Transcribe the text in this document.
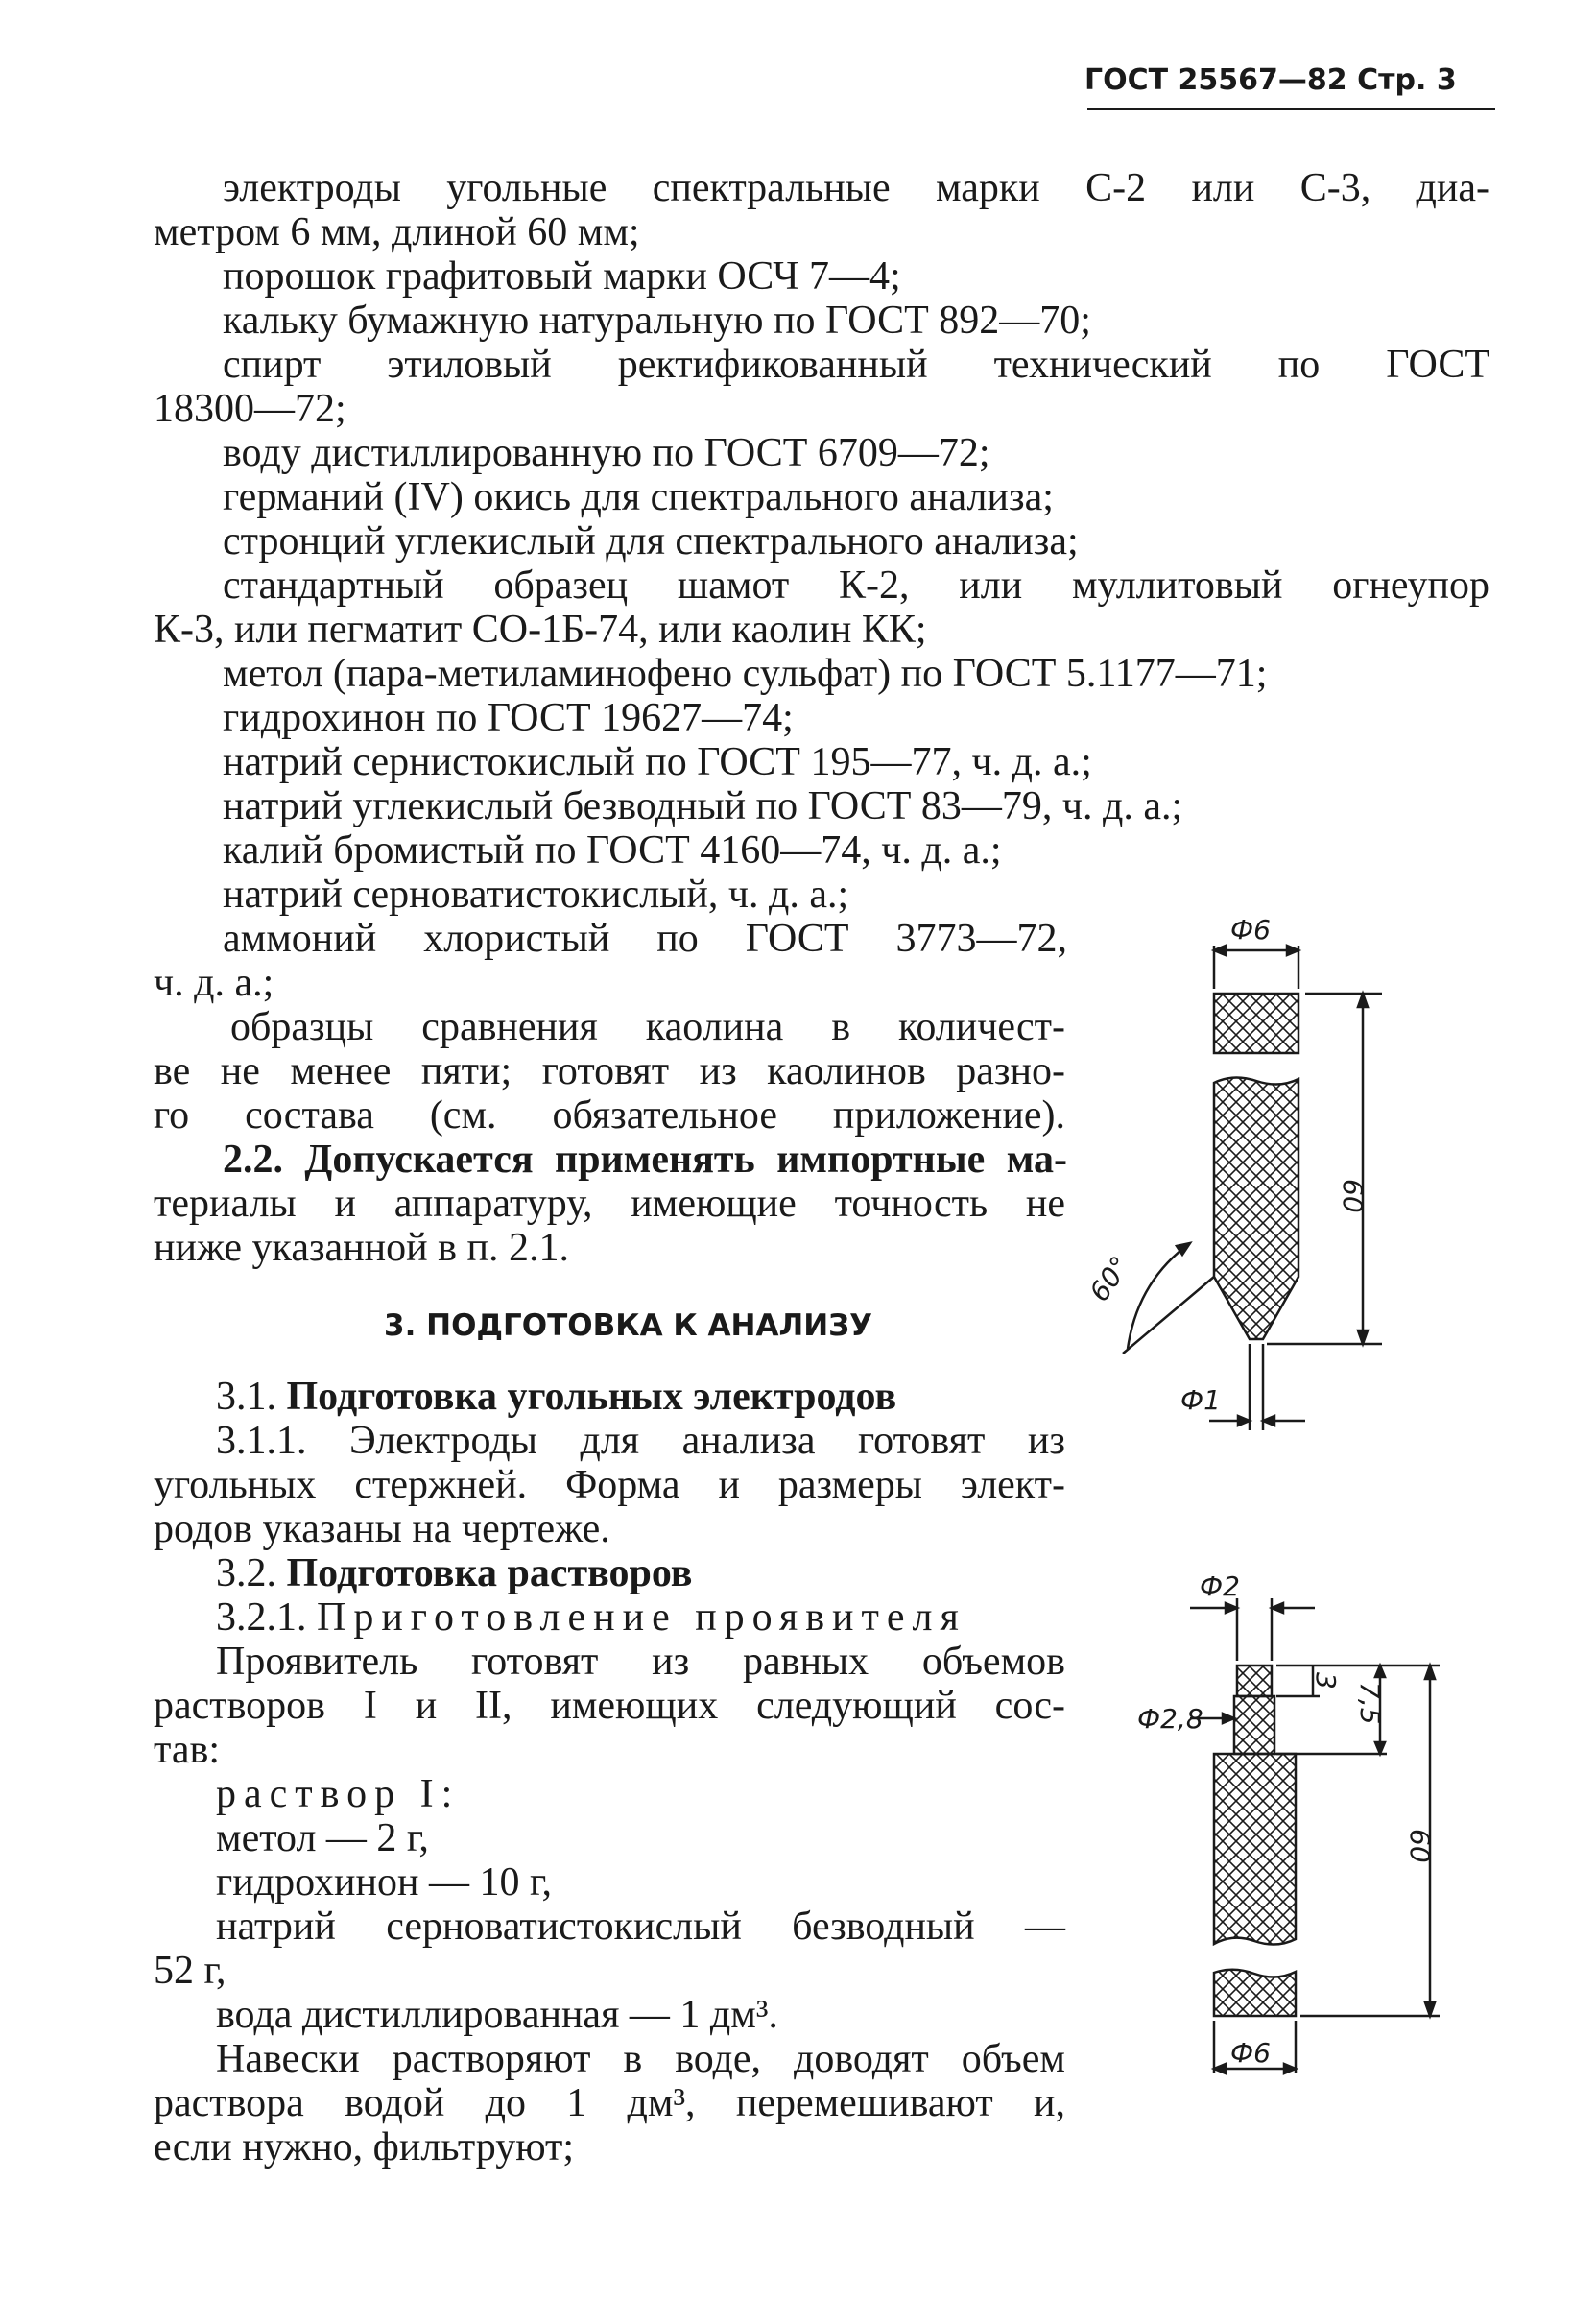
ГОСТ 25567—82 Стр. 3
электроды угольные спектральные марки С-2 или С-3, диа-
метром 6 мм, длиной 60 мм;
порошок графитовый марки ОСЧ 7—4;
кальку бумажную натуральную по ГОСТ 892—70;
спирт этиловый ректификованный технический по ГОСТ
18300—72;
воду дистиллированную по ГОСТ 6709—72;
германий (IV) окись для спектрального анализа;
стронций углекислый для спектрального анализа;
стандартный образец шамот К-2, или муллитовый огнеупор
К-3, или пегматит СО-1Б-74, или каолин КК;
метол (пара-метиламинофено сульфат) по ГОСТ 5.1177—71;
гидрохинон по ГОСТ 19627—74;
натрий сернистокислый по ГОСТ 195—77, ч. д. а.;
натрий углекислый безводный по ГОСТ 83—79, ч. д. а.;
калий бромистый по ГОСТ 4160—74, ч. д. а.;
натрий серноватистокислый, ч. д. а.;
аммоний хлористый по ГОСТ 3773—72,
ч. д. а.;
образцы сравнения каолина в количест-
ве не менее пяти; готовят из каолинов разно-
го состава (см. обязательное приложение).
2.2. Допускается применять импортные ма-
териалы и аппаратуру, имеющие точность не
ниже указанной в п. 2.1.
3. ПОДГОТОВКА К АНАЛИЗУ
3.1. Подготовка угольных электродов
3.1.1. Электроды для анализа готовят из
угольных стержней. Форма и размеры элект-
родов указаны на чертеже.
3.2. Подготовка растворов
3.2.1. Приготовление проявителя
Проявитель готовят из равных объемов
растворов I и II, имеющих следующий сос-
тав:
раствор I:
метол — 2 г,
гидрохинон — 10 г,
натрий серноватистокислый безводный —
52 г,
вода дистиллированная — 1 дм³.
Навески растворяют в воде, доводят объем
раствора водой до 1 дм³, перемешивают и,
если нужно, фильтруют;
Ф6
60
60°
Ф1
Ф2
Ф2,8
3
7,5
60
Ф6
